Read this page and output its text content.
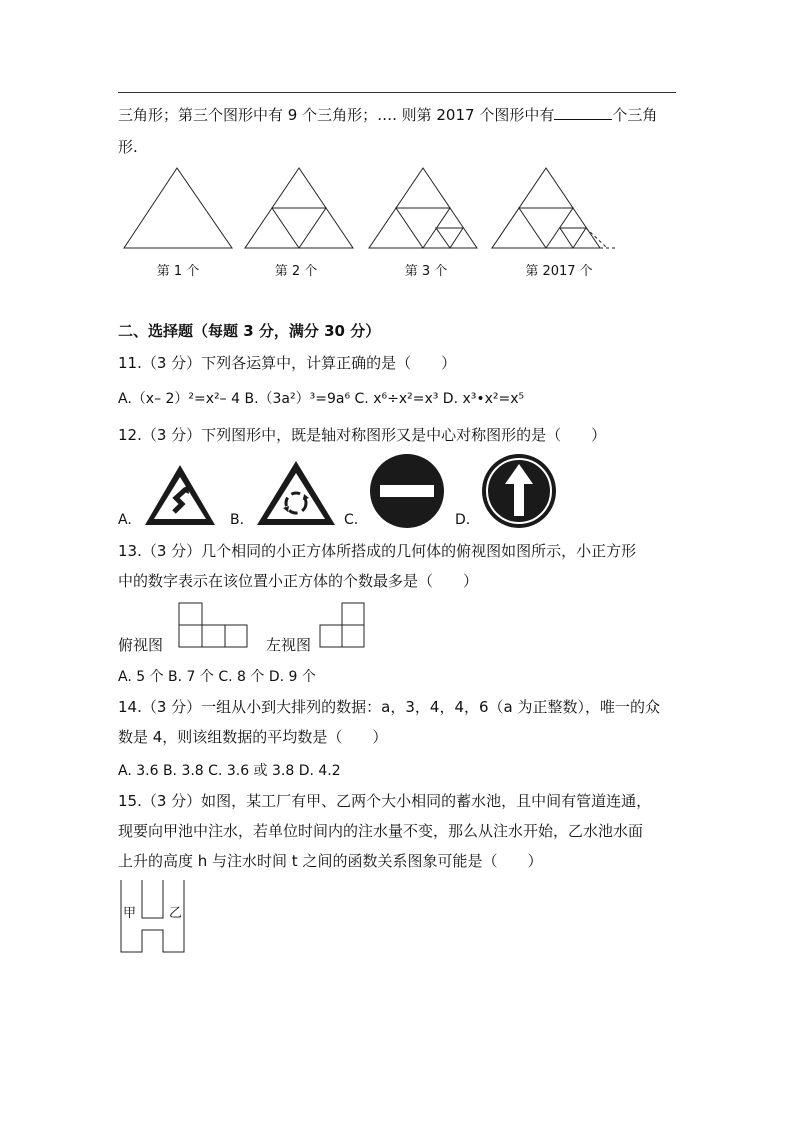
三角形；第三个图形中有 9 个三角形；…. 则第 2017 个图形中有	个三角
形.
第 1 个	第 2 个	第 3 个	第 2017 个
二、选择题（每题 3 分，满分 30 分）
11.（3 分）下列各运算中，计算正确的是（　　）
A.（x– 2）²=x²– 4 B.（3a²）³=9a⁶ C. x⁶÷x²=x³ D. x³•x²=x⁵
12.（3 分）下列图形中，既是轴对称图形又是中心对称图形的是（　　）
A.	B.	C.	D.
13.（3 分）几个相同的小正方体所搭成的几何体的俯视图如图所示，小正方形
中的数字表示在该位置小正方体的个数最多是（　　）
俯视图	左视图
A. 5 个 B. 7 个 C. 8 个 D. 9 个
14.（3 分）一组从小到大排列的数据：a，3，4，4，6（a 为正整数），唯一的众
数是 4，则该组数据的平均数是（　　）
A. 3.6 B. 3.8 C. 3.6 或 3.8 D. 4.2
15.（3 分）如图，某工厂有甲、乙两个大小相同的蓄水池，且中间有管道连通，
现要向甲池中注水，若单位时间内的注水量不变，那么从注水开始，乙水池水面
上升的高度 h 与注水时间 t 之间的函数关系图象可能是（　　）
甲	乙
